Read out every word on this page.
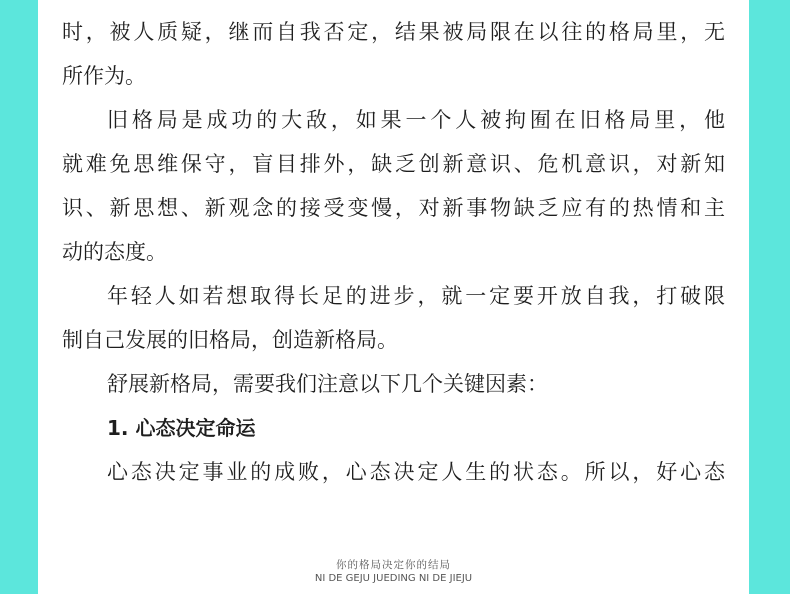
时，被人质疑，继而自我否定，结果被局限在以往的格局里，无

所作为。

旧格局是成功的大敌，如果一个人被拘囿在旧格局里，他

就难免思维保守，盲目排外，缺乏创新意识、危机意识，对新知

识、新思想、新观念的接受变慢，对新事物缺乏应有的热情和主

动的态度。

年轻人如若想取得长足的进步，就一定要开放自我，打破限

制自己发展的旧格局，创造新格局。

舒展新格局，需要我们注意以下几个关键因素：

1. 心态决定命运

心态决定事业的成败，心态决定人生的状态。所以，好心态

你的格局决定你的结局

NI DE GEJU JUEDING NI DE JIEJU
